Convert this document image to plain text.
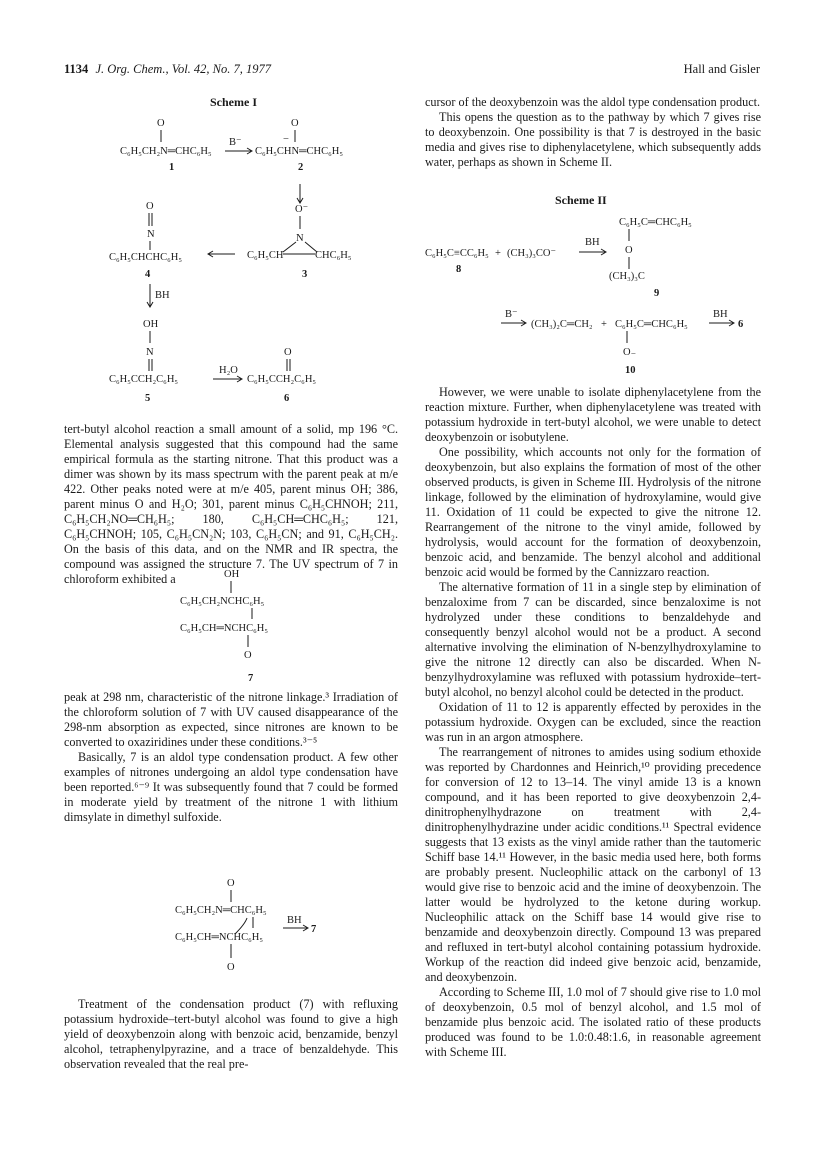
1134 J. Org. Chem., Vol. 42, No. 7, 1977	Hall and Gisler
Scheme I
O
C₆H₅CH₂N═CHC₆H₅
1
B⁻
O
−
C₆H₅CHN═CHC₆H₅
2
O⁻
N
C₆H₅CH	CHC₆H₅
3
O
N
C₆H₅CHCHC₆H₅
4
BH
OH
N
C₆H₅CCH₂C₆H₅
5
H₂O
O
C₆H₅CCH₂C₆H₅
6

tert-butyl alcohol reaction a small amount of a solid, mp 196 °C. Elemental analysis suggested that this compound had the same empirical formula as the starting nitrone. That this product was a dimer was shown by its mass spectrum with the parent peak at m/e 422. Other peaks noted were at m/e 405, parent minus OH; 386, parent minus O and H₂O; 301, parent minus C₆H₅CHNOH; 211, C₆H₅CH₂NO═CH₆H₅; 180, C₆H₅CH═CHC₆H₅; 121, C₆H₅CHNOH; 105, C₆H₅CN₂N; 103, C₆H₅CN; and 91, C₆H₅CH₂. On the basis of this data, and on the NMR and IR spectra, the compound was assigned the structure 7. The UV spectrum of 7 in chloroform exhibited a	OH
C₆H₅CH₂NCHC₆H₅
C₆H₅CH═NCHC₆H₅
O
7

peak at 298 nm, characteristic of the nitrone linkage.³ Irradiation of the chloroform solution of 7 with UV caused disappearance of the 298-nm absorption as expected, since nitrones are known to be converted to oxaziridines under these conditions.³⁻⁵

Basically, 7 is an aldol type condensation product. A few other examples of nitrones undergoing an aldol type condensation have been reported.⁶⁻⁹ It was subsequently found that 7 could be formed in moderate yield by treatment of the nitrone 1 with lithium dimsylate in dimethyl sulfoxide.

O
C₆H₅CH₂N═CHC₆H₅
C₆H₅CH═NCHC₆H₅
O
BH
7

Treatment of the condensation product (7) with refluxing potassium hydroxide–tert-butyl alcohol was found to give a high yield of deoxybenzoin along with benzoic acid, benzamide, benzyl alcohol, tetraphenylpyrazine, and a trace of benzaldehyde. This observation revealed that the real pre-

cursor of the deoxybenzoin was the aldol type condensation product.

This opens the question as to the pathway by which 7 gives rise to deoxybenzoin. One possibility is that 7 is destroyed in the basic media and gives rise to diphenylacetylene, which subsequently adds water, perhaps as shown in Scheme II.

Scheme II
C₆H₅C≡CC₆H₅ + (CH₃)₃CO⁻
BH
8
C₆H₅C═CHC₆H₅
O
(CH₃)₃C
9
B⁻
(CH₃)₂C═CH₂ + C₆H₅C═CHC₆H₅
O₋
10
BH
6

However, we were unable to isolate diphenylacetylene from the reaction mixture. Further, when diphenylacetylene was treated with potassium hydroxide in tert-butyl alcohol, we were unable to detect deoxybenzoin or isobutylene.

One possibility, which accounts not only for the formation of deoxybenzoin, but also explains the formation of most of the other observed products, is given in Scheme III. Hydrolysis of the nitrone linkage, followed by the elimination of hydroxylamine, would give 11. Oxidation of 11 could be expected to give the nitrone 12. Rearrangement of the nitrone to the vinyl amide, followed by hydrolysis, would account for the formation of deoxybenzoin, benzoic acid, and benzamide. The benzyl alcohol and additional benzoic acid would be formed by the Cannizzaro reaction.

The alternative formation of 11 in a single step by elimination of benzaloxime from 7 can be discarded, since benzaloxime is not hydrolyzed under these conditions to benzaldehyde and consequently benzyl alcohol would not be a product. A second alternative involving the elimination of N-benzylhydroxylamine to give the nitrone 12 directly can also be discarded. When N-benzylhydroxylamine was refluxed with potassium hydroxide–tert-butyl alcohol, no benzyl alcohol could be detected in the product.

Oxidation of 11 to 12 is apparently effected by peroxides in the potassium hydroxide. Oxygen can be excluded, since the reaction was run in an argon atmosphere.

The rearrangement of nitrones to amides using sodium ethoxide was reported by Chardonnes and Heinrich,¹⁰ providing precedence for conversion of 12 to 13–14. The vinyl amide 13 is a known compound, and it has been reported to give deoxybenzoin 2,4-dinitrophenylhydrazone on treatment with 2,4-dinitrophenylhydrazine under acidic conditions.¹¹ Spectral evidence suggests that 13 exists as the vinyl amide rather than the tautomeric Schiff base 14.¹¹ However, in the basic media used here, both forms are probably present. Nucleophilic attack on the carbonyl of 13 would give rise to benzoic acid and the imine of deoxybenzoin. The latter would be hydrolyzed to the ketone during workup. Nucleophilic attack on the Schiff base 14 would give rise to benzamide and deoxybenzoin directly. Compound 13 was prepared and refluxed in tert-butyl alcohol containing potassium hydroxide. Workup of the reaction did indeed give benzoic acid, benzamide, and deoxybenzoin.

According to Scheme III, 1.0 mol of 7 should give rise to 1.0 mol of deoxybenzoin, 0.5 mol of benzyl alcohol, and 1.5 mol of benzamide plus benzoic acid. The isolated ratio of these products produced was found to be 1.0:0.48:1.6, in reasonable agreement with Scheme III.
